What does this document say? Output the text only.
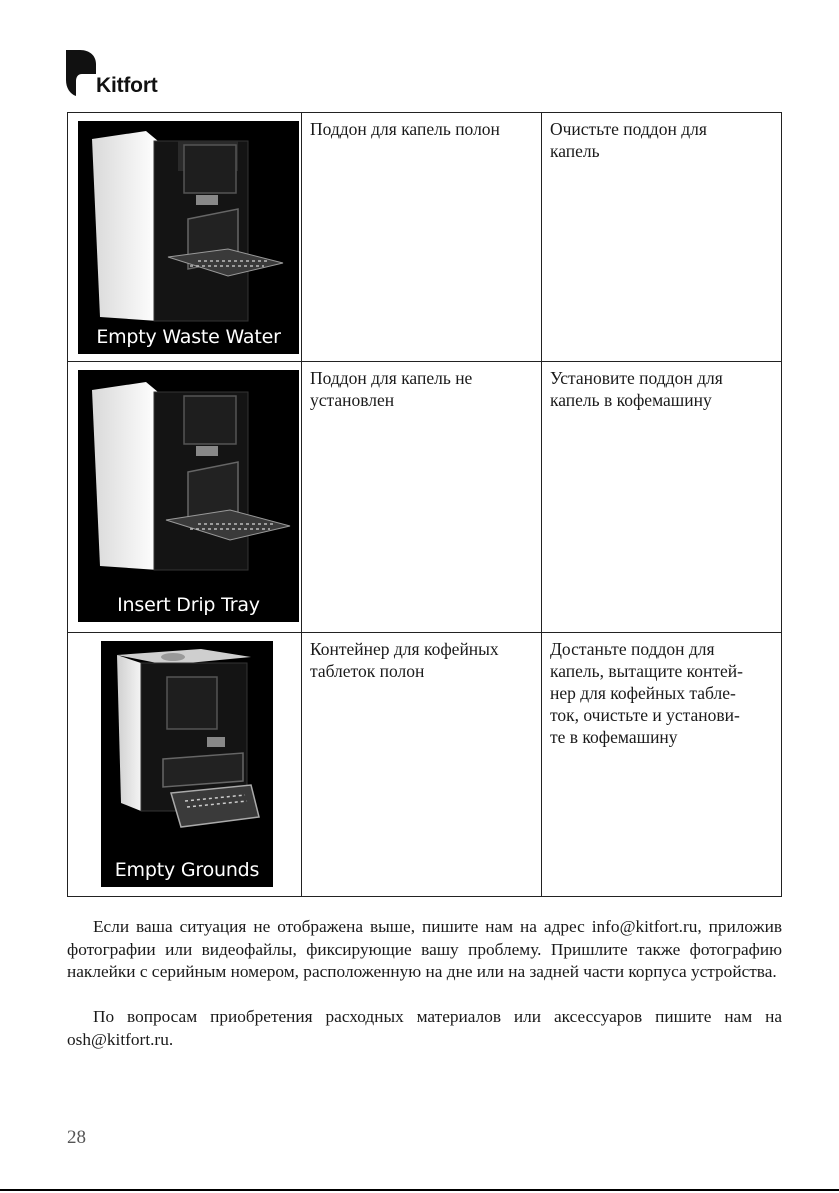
Kitfort
Empty Waste Water	Поддон для капель полон	Очистьте поддон для
капель

Insert Drip Tray	Поддон для капель не
установлен	Установите поддон для
капель в кофемашину

Empty Grounds	Контейнер для кофейных
таблеток полон	Достаньте поддон для
капель, вытащите контей-
нер для кофейных табле-
ток, очистьте и установи-
те в кофемашину

Если ваша ситуация не отображена выше, пишите нам на адрес info@kitfort.ru, приложив фотографии или видеофайлы, фиксирующие вашу проблему. Пришлите также фотографию наклейки с серийным номером, расположенную на дне или на задней части корпуса устройства.

По вопросам приобретения расходных материалов или аксессуаров пишите нам на osh@kitfort.ru.

28
